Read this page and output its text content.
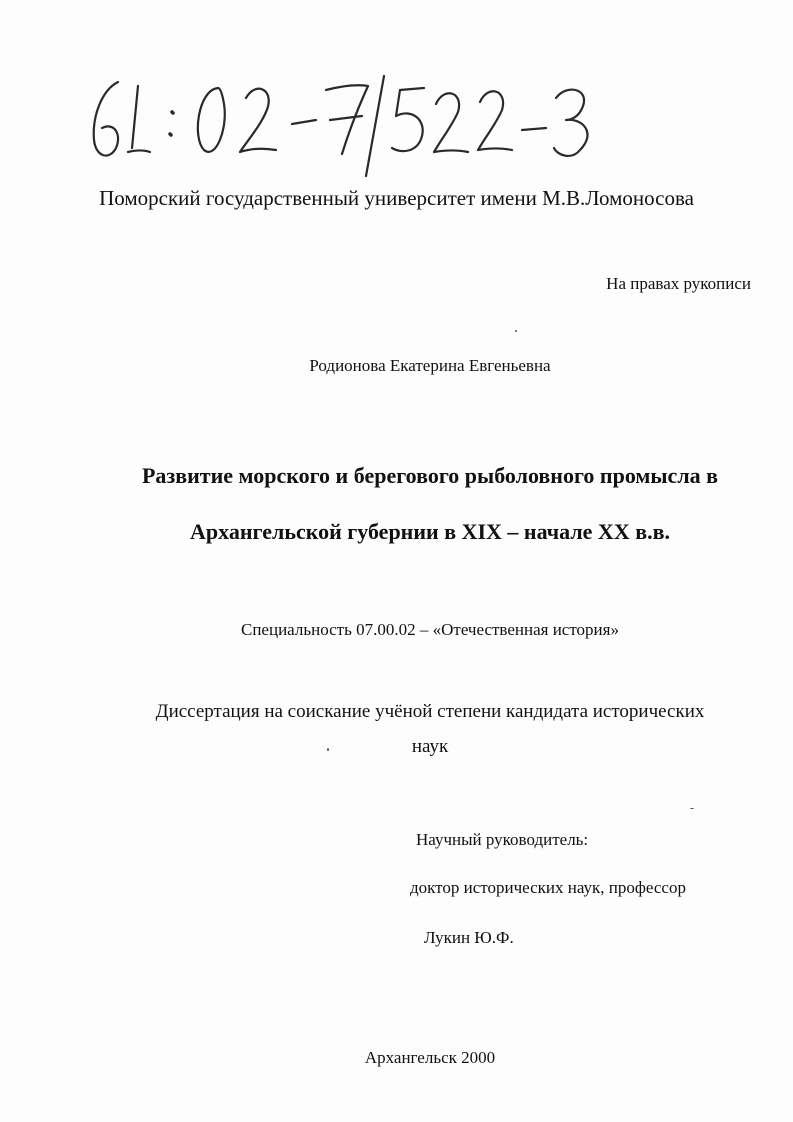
Поморский государственный университет имени М.В.Ломоносова
На правах рукописи
Родионова Екатерина Евгеньевна
Развитие морского и берегового рыболовного промысла в
Архангельской губернии в XIX – начале XX в.в.
Специальность 07.00.02 – «Отечественная история»
Диссертация на соискание учёной степени кандидата исторических
наук
Научный руководитель:
доктор исторических наук, профессор
Лукин Ю.Ф.
Архангельск 2000
